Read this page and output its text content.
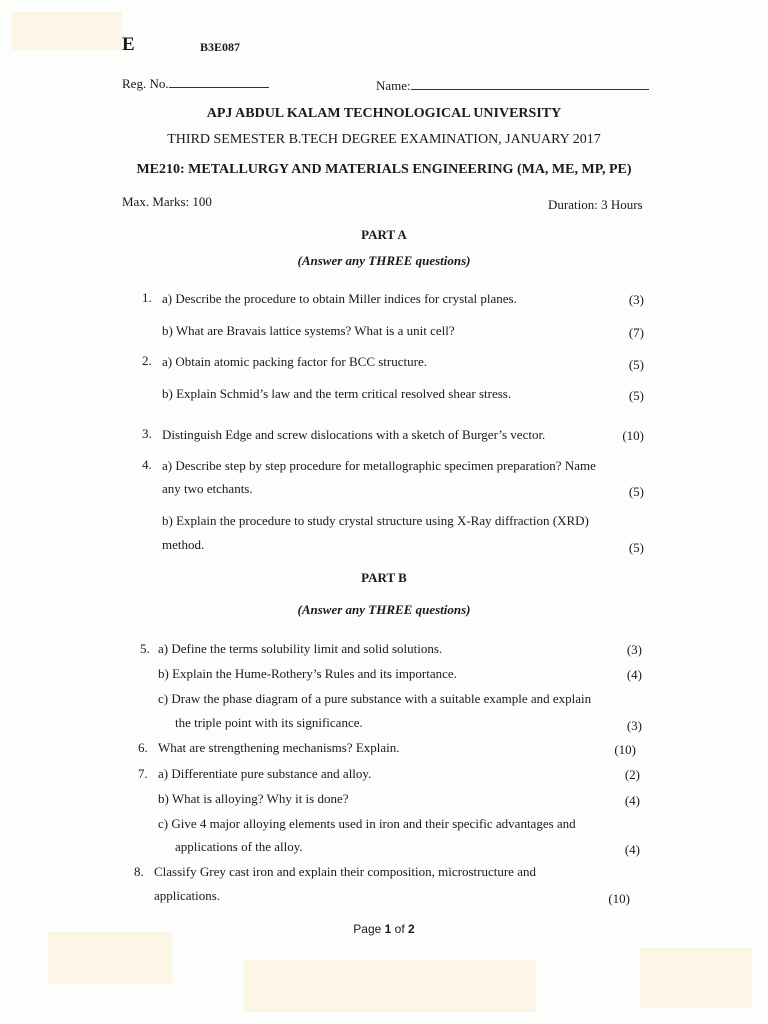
E	B3E087
Reg. No.	Name:
APJ ABDUL KALAM TECHNOLOGICAL UNIVERSITY
THIRD SEMESTER B.TECH DEGREE EXAMINATION, JANUARY 2017
ME210: METALLURGY AND MATERIALS ENGINEERING (MA, ME, MP, PE)
Max. Marks: 100	Duration: 3 Hours
PART A
(Answer any THREE questions)
1. a) Describe the procedure to obtain Miller indices for crystal planes.	(3)
b) What are Bravais lattice systems? What is a unit cell?	(7)
2. a) Obtain atomic packing factor for BCC structure.	(5)
b) Explain Schmid’s law and the term critical resolved shear stress.	(5)
3. Distinguish Edge and screw dislocations with a sketch of Burger’s vector.	(10)
4. a) Describe step by step procedure for metallographic specimen preparation? Name
any two etchants.	(5)
b) Explain the procedure to study crystal structure using X-Ray diffraction (XRD)
method.	(5)
PART B
(Answer any THREE questions)
5. a) Define the terms solubility limit and solid solutions.	(3)
b) Explain the Hume-Rothery’s Rules and its importance.	(4)
c) Draw the phase diagram of a pure substance with a suitable example and explain
the triple point with its significance.	(3)
6. What are strengthening mechanisms? Explain.	(10)
7. a) Differentiate pure substance and alloy.	(2)
b) What is alloying? Why it is done?	(4)
c) Give 4 major alloying elements used in iron and their specific advantages and
applications of the alloy.	(4)
8. Classify Grey cast iron and explain their composition, microstructure and
applications.	(10)
Page 1 of 2
